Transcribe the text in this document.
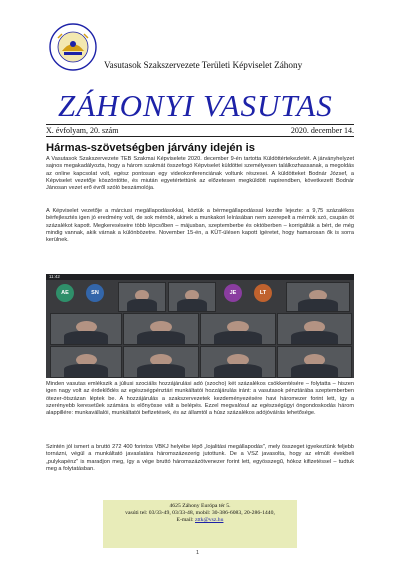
Vasutasok Szakszervezete Területi Képviselet Záhony
ZÁHONYI VASUTAS
X. évfolyam, 20. szám	2020. december 14.
Hármas-szövetségben járvány idején is

A Vasutasok Szakszervezete TEB Szakmai Képviselete 2020. december 9-én tartotta Küldöttértekezletét. A járványhelyzet sajnos megakadályozta, hogy a három szakmát összefogó Képviselet küldöttei személyesen találkozhassanak, a megoldás az online kapcsolat volt, egész pontosan egy videokonferenciának voltunk részesei. A küldötteket Bodnár József, a Képviselet vezetője köszöntötte, és miután egyetértettünk az előzetesen megküldött napirendben, következett Bodnár Jánosan vezet erő évről szóló beszámolója.

A Képviselet vezetője a márciusi megállapodásokkal, köztük a bérmegállapodással kezdte lejezte: a 9,75 százalékos bérfejlesztés igen jó eredmény volt, de sok mérnök, akinek a munkakori leírásában nem szerepelt a mérnök szó, csupán öt százalékot kapott. Megkereséseire több lépcsőben – májusban, szeptemberbe és októberben – korrigálták a bért, de még mindig vannak, akik várnak a különbözetre. November 15-én, a KÜT-ülésen kapott ígéretet, hogy hamarosan ők is sorra kerülnek.

11:42
AE	SN	JE	LT

Minden vasutas emlékszik a júliusi szociális hozzájárulási adó (szocho) két százalékos csökkentésére – folytatta – hiszen igen nagy volt az érdeklődés az egészségpénztári munkáltatói hozzájárulás iránt: a vasutasok pénztárába szeptemberben ötezer-ötszázan léptek be. A hozzájárulás a szakszervezetek kezdeményezésére havi háromezer forint lett, így a szerényebb keresetűek számára is előnyösse vált a belépés. Ezzel megvalósul az egészségügyi öngondoskodás három alappillére: munkavállalói, munkáltatói befizetések, és az államtól a húsz százalékos adójóváírás lehetősége.

Szintén jól ismert a bruttó 272 400 forintos VBKJ helyébe lépő „lojalitási megállapodás", mely összeget igyekeztünk feljebb tornázni, végül a munkáltató javaslatára háromszázezerig jutottunk. De a VSZ javasolta, hogy az elmúlt évekbeli „pulykapénz" is maradjon meg, így a vége bruttó háromszázötvenezer forint lett, egyösszegű, hókoz kifizetéssel – tudtuk meg a folytatásban.

4625 Záhony Európa tér 5.
vasúti tel: 03/33-49, 03/33-48, mobil: 30-386-6083, 20-286-1440,
E-mail: zttk@vsz.hu
1
